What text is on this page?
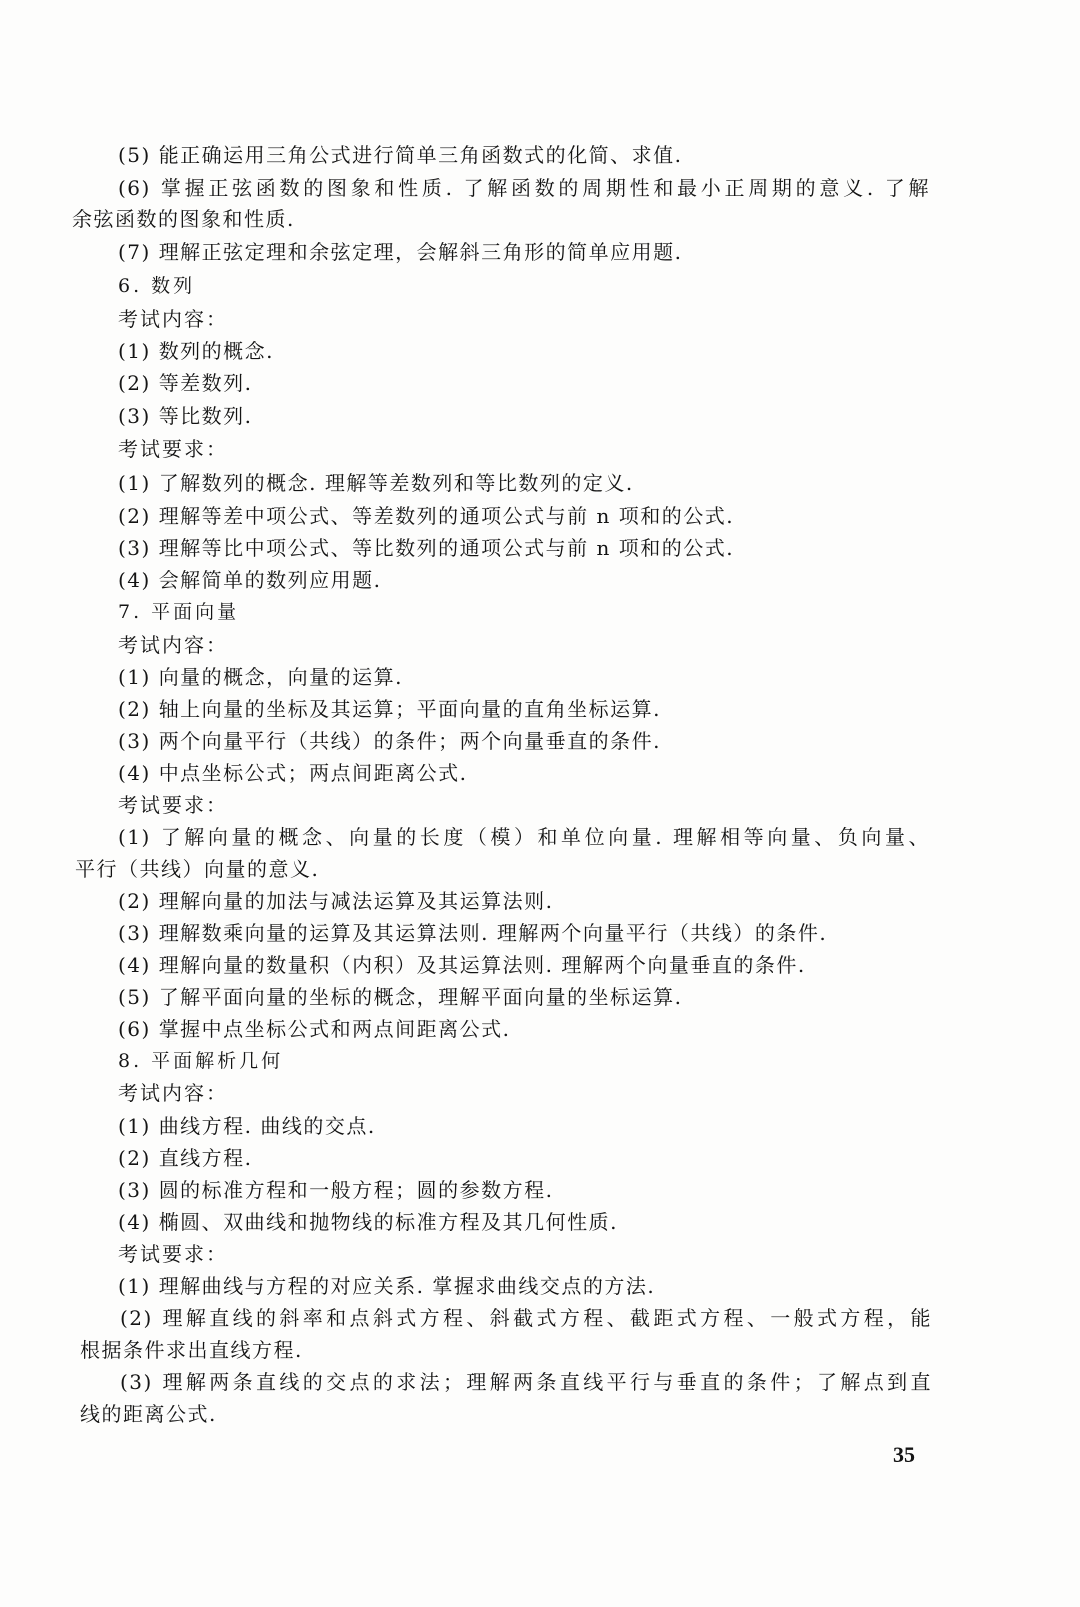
(5) 能正确运用三角公式进行简单三角函数式的化简、求值.
(6) 掌握正弦函数的图象和性质. 了解函数的周期性和最小正周期的意义. 了解
余弦函数的图象和性质.
(7) 理解正弦定理和余弦定理，会解斜三角形的简单应用题.
6. 数列
考试内容：
(1) 数列的概念.
(2) 等差数列.
(3) 等比数列.
考试要求：
(1) 了解数列的概念. 理解等差数列和等比数列的定义.
(2) 理解等差中项公式、等差数列的通项公式与前 n 项和的公式.
(3) 理解等比中项公式、等比数列的通项公式与前 n 项和的公式.
(4) 会解简单的数列应用题.
7. 平面向量
考试内容：
(1) 向量的概念，向量的运算.
(2) 轴上向量的坐标及其运算；平面向量的直角坐标运算.
(3) 两个向量平行（共线）的条件；两个向量垂直的条件.
(4) 中点坐标公式；两点间距离公式.
考试要求：
(1) 了解向量的概念、向量的长度（模）和单位向量. 理解相等向量、负向量、
平行（共线）向量的意义.
(2) 理解向量的加法与减法运算及其运算法则.
(3) 理解数乘向量的运算及其运算法则. 理解两个向量平行（共线）的条件.
(4) 理解向量的数量积（内积）及其运算法则. 理解两个向量垂直的条件.
(5) 了解平面向量的坐标的概念，理解平面向量的坐标运算.
(6) 掌握中点坐标公式和两点间距离公式.
8. 平面解析几何
考试内容：
(1) 曲线方程. 曲线的交点.
(2) 直线方程.
(3) 圆的标准方程和一般方程；圆的参数方程.
(4) 椭圆、双曲线和抛物线的标准方程及其几何性质.
考试要求：
(1) 理解曲线与方程的对应关系. 掌握求曲线交点的方法.
(2) 理解直线的斜率和点斜式方程、斜截式方程、截距式方程、一般式方程，能
根据条件求出直线方程.
(3) 理解两条直线的交点的求法；理解两条直线平行与垂直的条件；了解点到直
线的距离公式.
35
